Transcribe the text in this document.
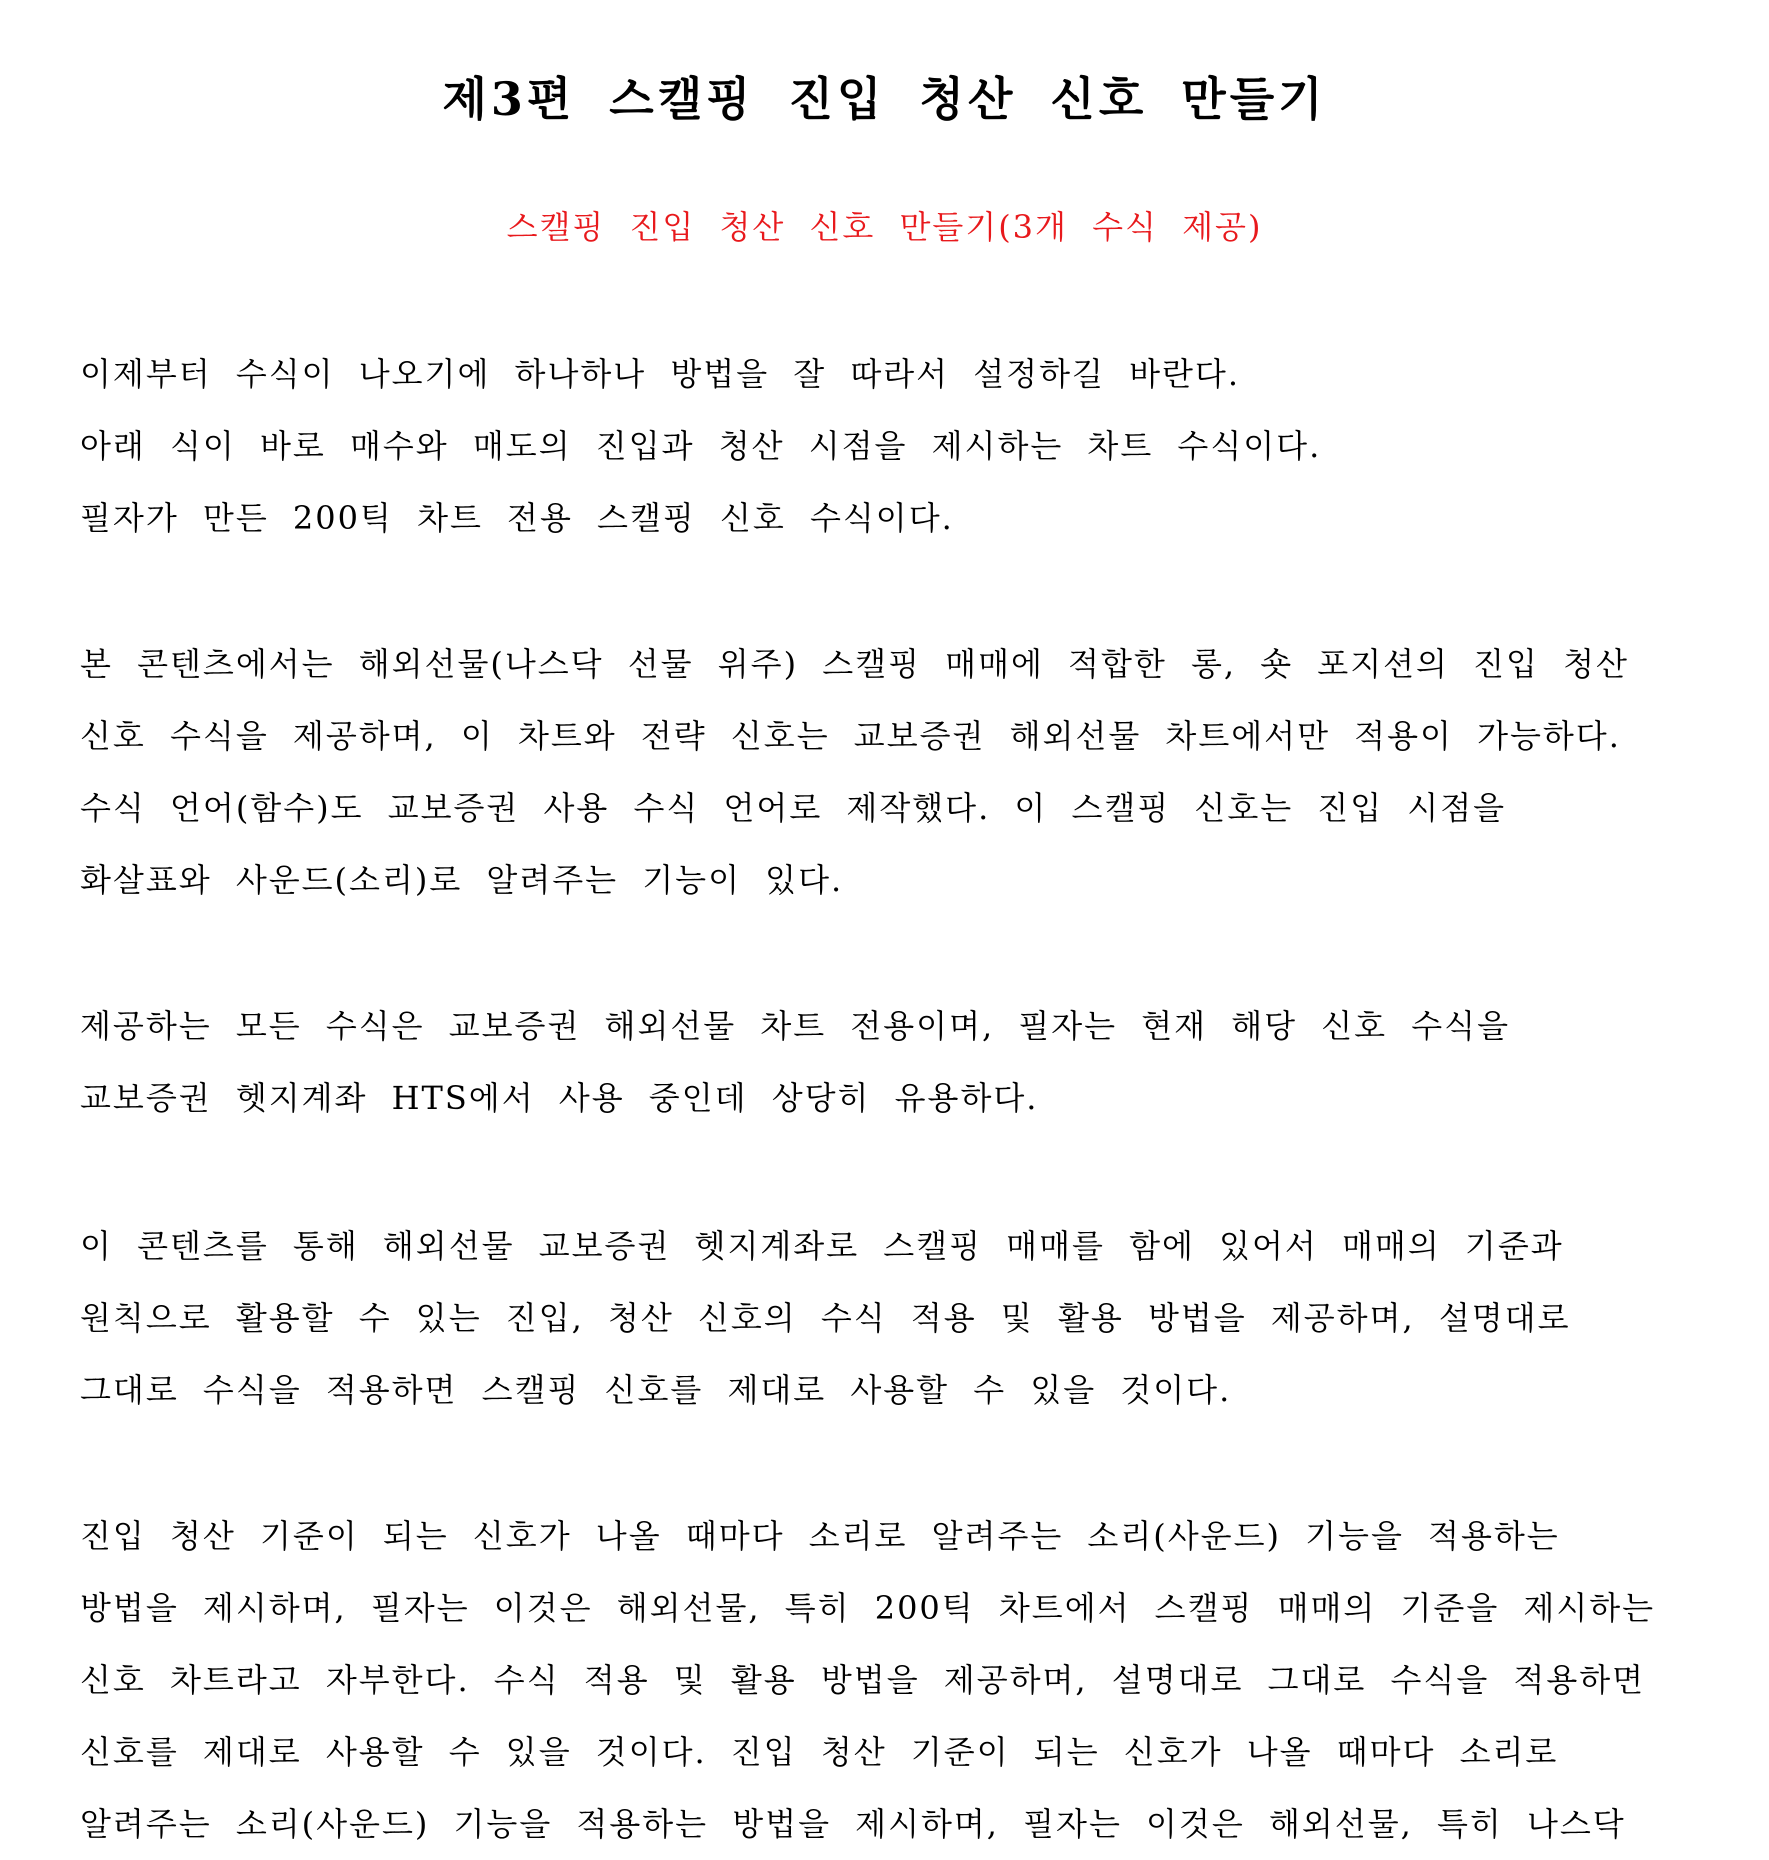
제3편 스캘핑 진입 청산 신호 만들기
스캘핑 진입 청산 신호 만들기(3개 수식 제공)
이제부터 수식이 나오기에 하나하나 방법을 잘 따라서 설정하길 바란다.
아래 식이 바로 매수와 매도의 진입과 청산 시점을 제시하는 차트 수식이다.
필자가 만든 200틱 차트 전용 스캘핑 신호 수식이다.
본 콘텐츠에서는 해외선물(나스닥 선물 위주) 스캘핑 매매에 적합한 롱, 숏 포지션의 진입 청산
신호 수식을 제공하며, 이 차트와 전략 신호는 교보증권 해외선물 차트에서만 적용이 가능하다.
수식 언어(함수)도 교보증권 사용 수식 언어로 제작했다. 이 스캘핑 신호는 진입 시점을
화살표와 사운드(소리)로 알려주는 기능이 있다.
제공하는 모든 수식은 교보증권 해외선물 차트 전용이며, 필자는 현재 해당 신호 수식을
교보증권 헷지계좌 HTS에서 사용 중인데 상당히 유용하다.
이 콘텐츠를 통해 해외선물 교보증권 헷지계좌로 스캘핑 매매를 함에 있어서 매매의 기준과
원칙으로 활용할 수 있는 진입, 청산 신호의 수식 적용 및 활용 방법을 제공하며, 설명대로
그대로 수식을 적용하면 스캘핑 신호를 제대로 사용할 수 있을 것이다.
진입 청산 기준이 되는 신호가 나올 때마다 소리로 알려주는 소리(사운드) 기능을 적용하는
방법을 제시하며, 필자는 이것은 해외선물, 특히 200틱 차트에서 스캘핑 매매의 기준을 제시하는
신호 차트라고 자부한다. 수식 적용 및 활용 방법을 제공하며, 설명대로 그대로 수식을 적용하면
신호를 제대로 사용할 수 있을 것이다. 진입 청산 기준이 되는 신호가 나올 때마다 소리로
알려주는 소리(사운드) 기능을 적용하는 방법을 제시하며, 필자는 이것은 해외선물, 특히 나스닥
